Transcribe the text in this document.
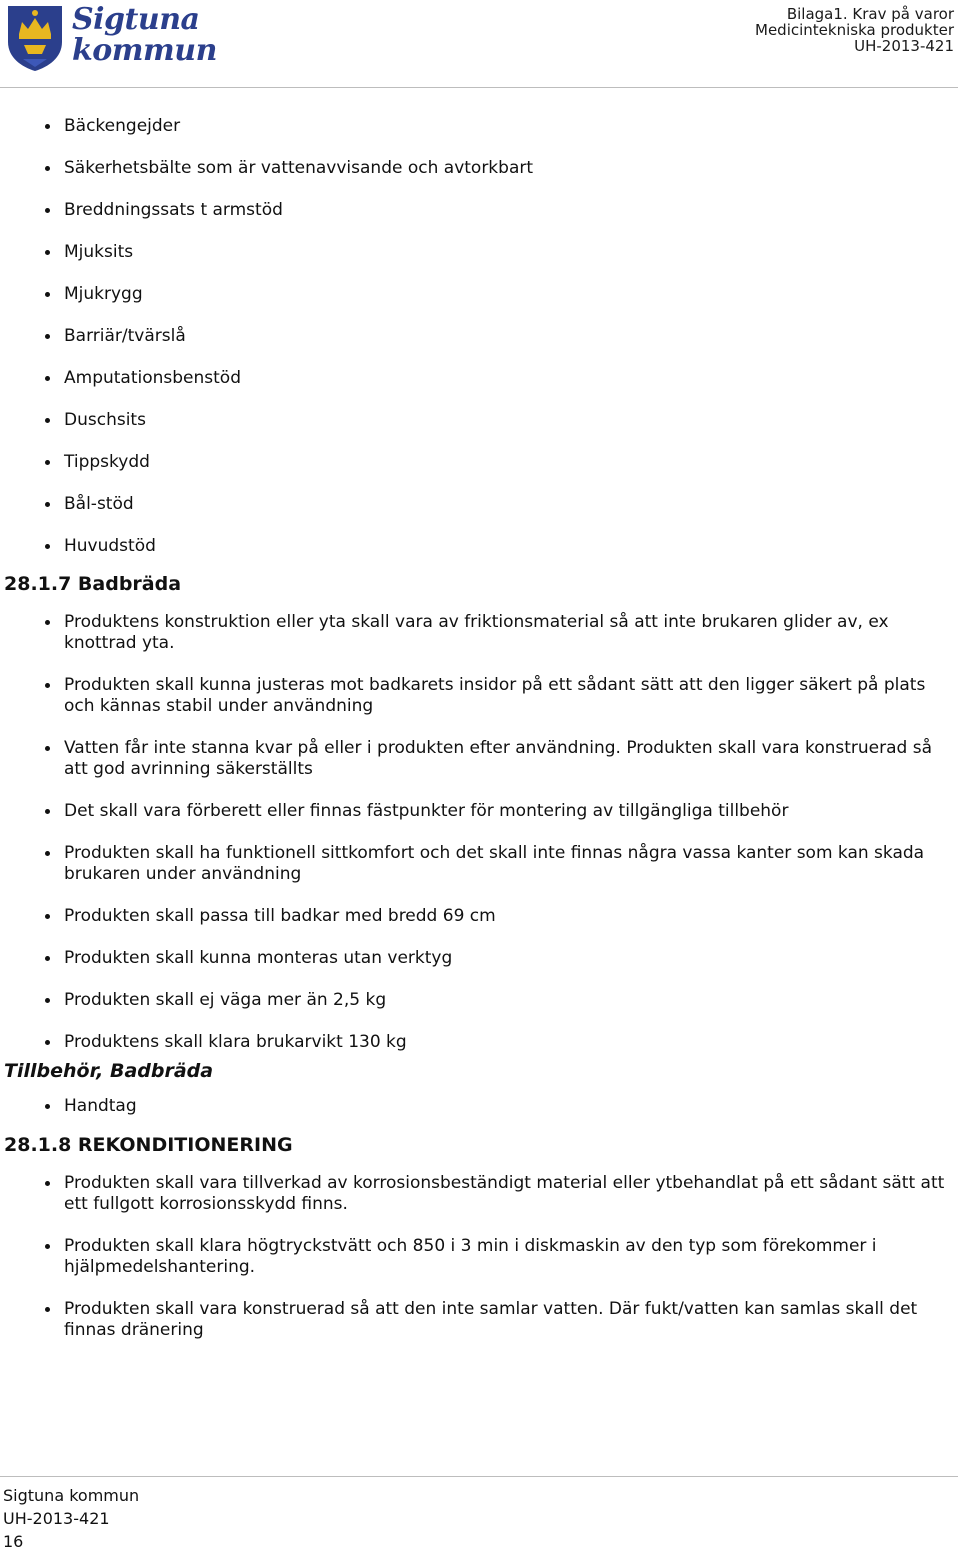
Sigtuna
kommun
Bilaga1. Krav på varor
Medicintekniska produkter
UH-2013-421
Bäckengejder
Säkerhetsbälte som är vattenavvisande och avtorkbart
Breddningssats t armstöd
Mjuksits
Mjukrygg
Barriär/tvärslå
Amputationsbenstöd
Duschsits
Tippskydd
Bål-stöd
Huvudstöd
28.1.7 Badbräda
Produktens konstruktion eller yta skall vara av friktionsmaterial så att inte brukaren glider av, ex knottrad yta.
Produkten skall kunna justeras mot badkarets insidor på ett sådant sätt att den ligger säkert på plats och kännas stabil under användning
Vatten får inte stanna kvar på eller i produkten efter användning. Produkten skall vara konstruerad så att god avrinning säkerställts
Det skall vara förberett eller finnas fästpunkter för montering av tillgängliga tillbehör
Produkten skall ha funktionell sittkomfort och det skall inte finnas några vassa kanter som kan skada brukaren under användning
Produkten skall passa till badkar med bredd 69 cm
Produkten skall kunna monteras utan verktyg
Produkten skall ej väga mer än 2,5 kg
Produktens skall klara brukarvikt 130 kg
Tillbehör, Badbräda
Handtag
28.1.8 REKONDITIONERING
Produkten skall vara tillverkad av korrosionsbeständigt material eller ytbehandlat på ett sådant sätt att ett fullgott korrosionsskydd finns.
Produkten skall klara högtryckstvätt och 850 i 3 min i diskmaskin av den typ som förekommer i hjälpmedelshantering.
Produkten skall vara konstruerad så att den inte samlar vatten. Där fukt/vatten kan samlas skall det finnas dränering
Sigtuna kommun
UH-2013-421
16
